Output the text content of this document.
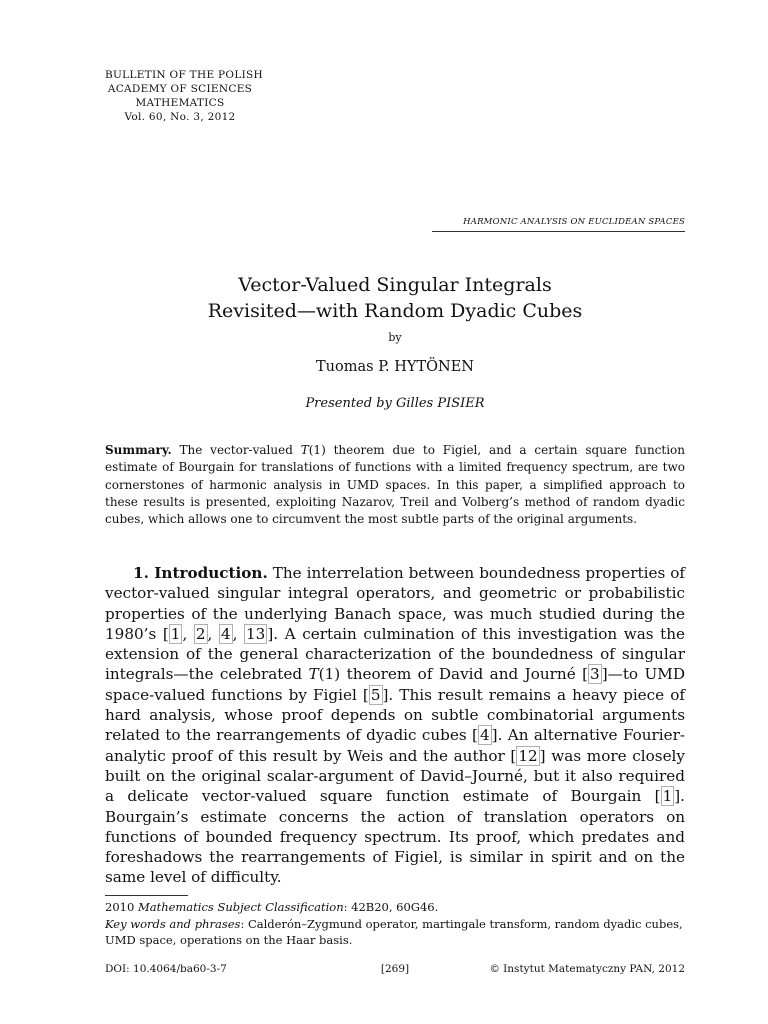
BULLETIN OF THE POLISH
ACADEMY OF SCIENCES
MATHEMATICS
Vol. 60, No. 3, 2012
HARMONIC ANALYSIS ON EUCLIDEAN SPACES
Vector-Valued Singular Integrals
Revisited—with Random Dyadic Cubes
by
Tuomas P. HYTÖNEN
Presented by Gilles PISIER
Summary. The vector-valued T(1) theorem due to Figiel, and a certain square function estimate of Bourgain for translations of functions with a limited frequency spectrum, are two cornerstones of harmonic analysis in UMD spaces. In this paper, a simplified approach to these results is presented, exploiting Nazarov, Treil and Volberg’s method of random dyadic cubes, which allows one to circumvent the most subtle parts of the original arguments.
1. Introduction. The interrelation between boundedness properties of vector-valued singular integral operators, and geometric or probabilistic properties of the underlying Banach space, was much studied during the 1980’s [ 1 , 2 , 4 , 13 ]. A certain culmination of this investigation was the extension of the general characterization of the boundedness of singular integrals—the celebrated T(1) theorem of David and Journé [ 3 ]—to UMD space-valued functions by Figiel [ 5 ]. This result remains a heavy piece of hard analysis, whose proof depends on subtle combinatorial arguments related to the rearrangements of dyadic cubes [ 4 ]. An alternative Fourier-analytic proof of this result by Weis and the author [ 12 ] was more closely built on the original scalar-argument of David–Journé, but it also required a delicate vector-valued square function estimate of Bourgain [ 1 ]. Bourgain’s estimate concerns the action of translation operators on functions of bounded frequency spectrum. Its proof, which predates and foreshadows the rearrangements of Figiel, is similar in spirit and on the same level of difficulty.
2010 Mathematics Subject Classification: 42B20, 60G46.
Key words and phrases: Calderón–Zygmund operator, martingale transform, random dyadic cubes, UMD space, operations on the Haar basis.
DOI: 10.4064/ba60-3-7	[269]	© Instytut Matematyczny PAN, 2012
